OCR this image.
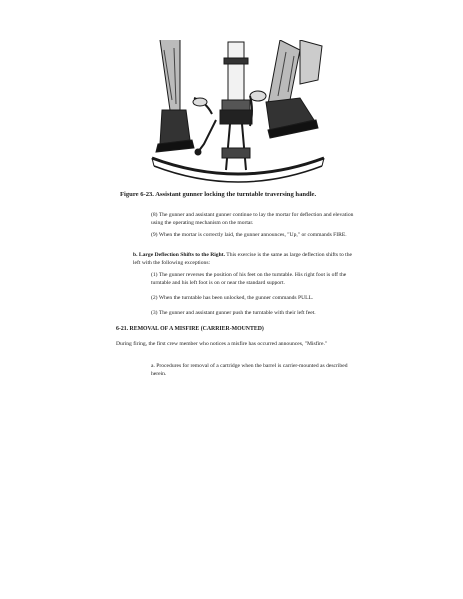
Figure 6-23. Assistant gunner locking the turntable traversing handle.
(8) The gunner and assistant gunner continue to lay the mortar for deflection and elevation using the operating mechanism on the mortar.
(9) When the mortar is correctly laid, the gunner announces, "Up," or commands FIRE.
b. Large Deflection Shifts to the Right. This exercise is the same as large deflection shifts to the left with the following exceptions:
(1) The gunner reverses the position of his feet on the turntable. His right foot is off the turntable and his left foot is on or near the standard support.
(2) When the turntable has been unlocked, the gunner commands PULL.
(3) The gunner and assistant gunner push the turntable with their left feet.
6-21. REMOVAL OF A MISFIRE (CARRIER-MOUNTED)
During firing, the first crew member who notices a misfire has occurred announces, "Misfire."
a. Procedures for removal of a cartridge when the barrel is carrier-mounted as described herein.
